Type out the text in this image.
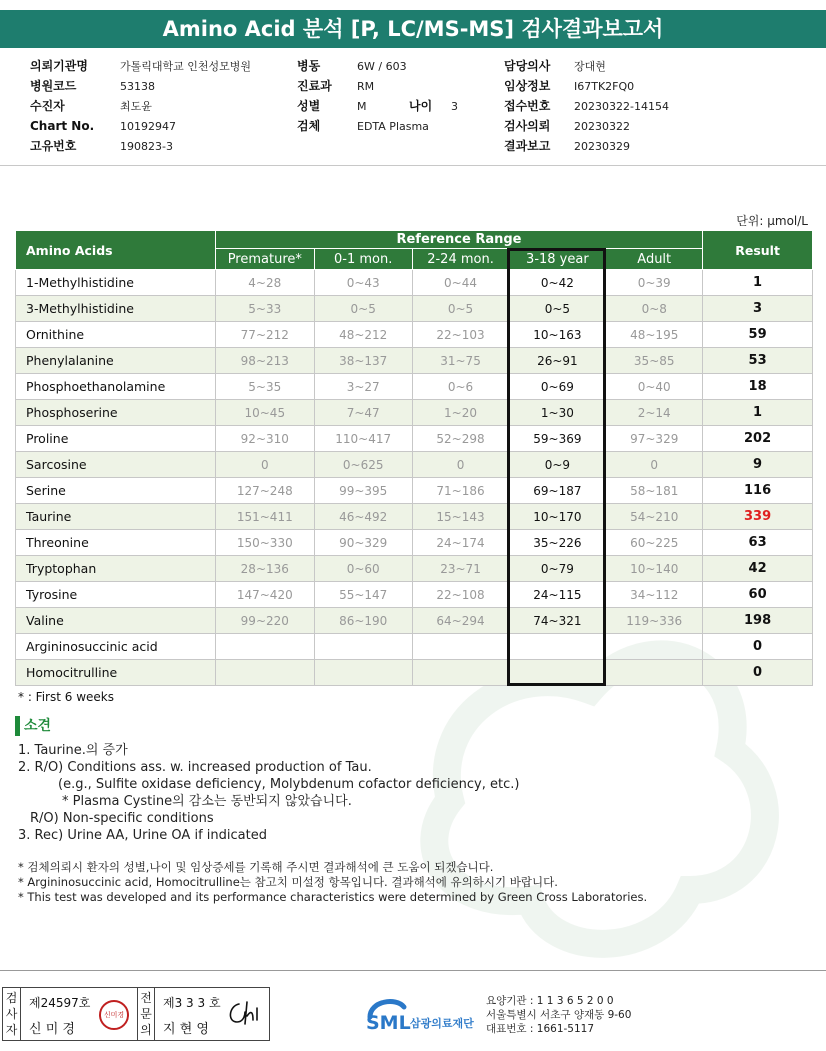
Amino Acid 분석 [P, LC/MS-MS] 검사결과보고서
의뢰기관명	가톨릭대학교 인천성모병원
병원코드	53138
수진자	최도윤
Chart No. 10192947
고유번호	190823-3
병동	6W / 603
진료과 RM
성별	M	나이 3
검체	EDTA Plasma
담당의사 장대현
임상정보 I67TK2FQ0
접수번호 20230322-14154
검사의뢰 20230322
결과보고 20230329
단위: μmol/L
Amino Acids	Reference Range					Result
	Premature*	0-1 mon.	2-24 mon.	3-18 year	Adult	
1-Methylhistidine	4~28	0~43	0~44	0~42	0~39	1
3-Methylhistidine	5~33	0~5	0~5	0~5	0~8	3
Ornithine	77~212	48~212	22~103	10~163	48~195	59
Phenylalanine	98~213	38~137	31~75	26~91	35~85	53
Phosphoethanolamine	5~35	3~27	0~6	0~69	0~40	18
Phosphoserine	10~45	7~47	1~20	1~30	2~14	1
Proline	92~310	110~417	52~298	59~369	97~329	202
Sarcosine	0	0~625	0	0~9	0	9
Serine	127~248	99~395	71~186	69~187	58~181	116
Taurine	151~411	46~492	15~143	10~170	54~210	339
Threonine	150~330	90~329	24~174	35~226	60~225	63
Tryptophan	28~136	0~60	23~71	0~79	10~140	42
Tyrosine	147~420	55~147	22~108	24~115	34~112	60
Valine	99~220	86~190	64~294	74~321	119~336	198
Argininosuccinic acid						0
Homocitrulline						0
* : First 6 weeks
소견
1. Taurine.의 증가
2. R/O) Conditions ass. w. increased production of Tau.
(e.g., Sulfite oxidase deficiency, Molybdenum cofactor deficiency, etc.)
* Plasma Cystine의 감소는 동반되지 않았습니다.
R/O) Non-specific conditions
3. Rec) Urine AA, Urine OA if indicated
* 검체의뢰시 환자의 성별,나이 및 임상증세를 기록해 주시면 결과해석에 큰 도움이 되겠습니다.
* Argininosuccinic acid, Homocitrulline는 참고치 미설정 항목입니다. 결과해석에 유의하시기 바랍니다.
* This test was developed and its performance characteristics were determined by Green Cross Laboratories.
검사자
제24597호
신 미 경
신미경
전문의
제3 3 3 호
지 현 영	SML 삼광의료재단
요양기관 : 1 1 3 6 5 2 0 0
서울특별시 서초구 양재동 9-60
대표번호 : 1661-5117
